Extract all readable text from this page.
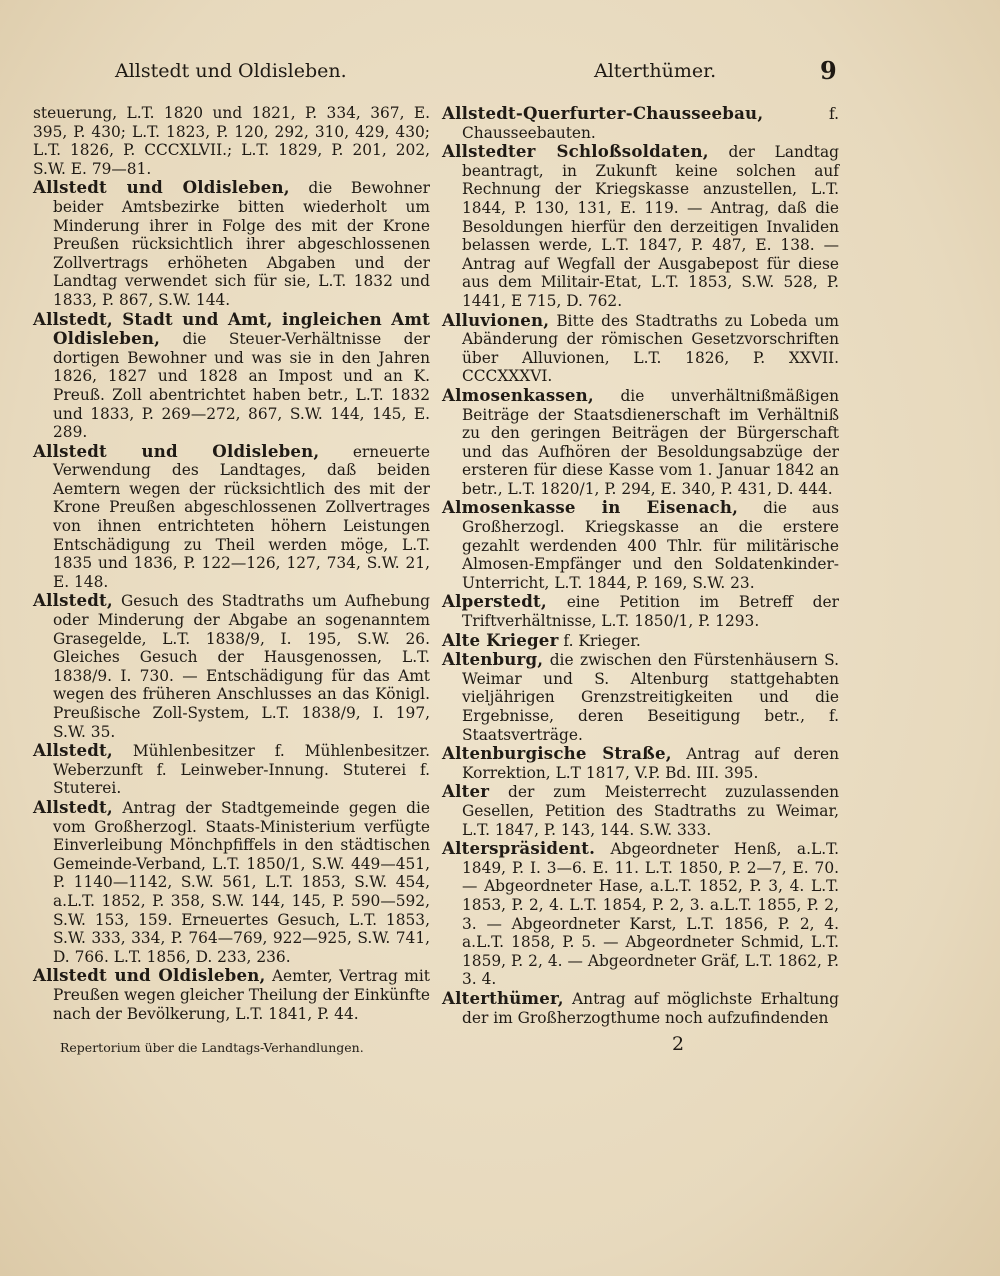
Allstedt und Oldisleben.	Alterthümer.	9

steuerung, L.T. 1820 und 1821, P. 334, 367, E. 395, P. 430; L.T. 1823, P. 120, 292, 310, 429, 430; L.T. 1826, P. CCCXLVII.; L.T. 1829, P. 201, 202, S.W. E. 79—81.

Allstedt und Oldisleben, die Bewohner beider Amtsbezirke bitten wiederholt um Minderung ihrer in Folge des mit der Krone Preußen rücksichtlich ihrer abgeschlossenen Zollvertrags erhöheten Abgaben und der Landtag verwendet sich für sie, L.T. 1832 und 1833, P. 867, S.W. 144.

Allstedt, Stadt und Amt, ingleichen Amt Oldisleben, die Steuer-Verhältnisse der dortigen Bewohner und was sie in den Jahren 1826, 1827 und 1828 an Impost und an K. Preuß. Zoll abentrichtet haben betr., L.T. 1832 und 1833, P. 269—272, 867, S.W. 144, 145, E. 289.

Allstedt und Oldisleben, erneuerte Verwendung des Landtages, daß beiden Aemtern wegen der rücksichtlich des mit der Krone Preußen abgeschlossenen Zollvertrages von ihnen entrichteten höhern Leistungen Entschädigung zu Theil werden möge, L.T. 1835 und 1836, P. 122—126, 127, 734, S.W. 21, E. 148.

Allstedt, Gesuch des Stadtraths um Aufhebung oder Minderung der Abgabe an sogenanntem Grasegelde, L.T. 1838/9, I. 195, S.W. 26. Gleiches Gesuch der Hausgenossen, L.T. 1838/9. I. 730. — Entschädigung für das Amt wegen des früheren Anschlusses an das Königl. Preußische Zoll-System, L.T. 1838/9, I. 197, S.W. 35.

Allstedt, Mühlenbesitzer f. Mühlenbesitzer. Weberzunft f. Leinweber-Innung. Stuterei f. Stuterei.

Allstedt, Antrag der Stadtgemeinde gegen die vom Großherzogl. Staats-Ministerium verfügte Einverleibung Mönchpfiffels in den städtischen Gemeinde-Verband, L.T. 1850/1, S.W. 449—451, P. 1140—1142, S.W. 561, L.T. 1853, S.W. 454, a.L.T. 1852, P. 358, S.W. 144, 145, P. 590—592, S.W. 153, 159. Erneuertes Gesuch, L.T. 1853, S.W. 333, 334, P. 764—769, 922—925, S.W. 741, D. 766. L.T. 1856, D. 233, 236.

Allstedt und Oldisleben, Aemter, Vertrag mit Preußen wegen gleicher Theilung der Einkünfte nach der Bevölkerung, L.T. 1841, P. 44.

Allstedt-Querfurter-Chausseebau,	f. Chausseebauten.

Allstedter Schloßsoldaten, der Landtag beantragt, in Zukunft keine solchen auf Rechnung der Kriegskasse anzustellen, L.T. 1844, P. 130, 131, E. 119. — Antrag, daß die Besoldungen hierfür den derzeitigen Invaliden belassen werde, L.T. 1847, P. 487, E. 138. — Antrag auf Wegfall der Ausgabepost für diese aus dem Militair-Etat, L.T. 1853, S.W. 528, P. 1441, E 715, D. 762.

Alluvionen, Bitte des Stadtraths zu Lobeda um Abänderung der römischen Gesetzvorschriften über Alluvionen, L.T. 1826, P. XXVII. CCCXXXVI.

Almosenkassen, die unverhältnißmäßigen Beiträge der Staatsdienerschaft im Verhältniß zu den geringen Beiträgen der Bürgerschaft und das Aufhören der Besoldungsabzüge der ersteren für diese Kasse vom 1. Januar 1842 an betr., L.T. 1820/1, P. 294, E. 340, P. 431, D. 444.

Almosenkasse in Eisenach, die aus Großherzogl. Kriegskasse an die erstere gezahlt werdenden 400 Thlr. für militärische Almosen-Empfänger und den Soldatenkinder-Unterricht, L.T. 1844, P. 169, S.W. 23.

Alperstedt, eine Petition im Betreff der Triftverhältnisse, L.T. 1850/1, P. 1293.

Alte Krieger f. Krieger.

Altenburg, die zwischen den Fürstenhäusern S. Weimar und S. Altenburg stattgehabten vieljährigen Grenzstreitigkeiten und die Ergebnisse, deren Beseitigung betr., f. Staatsverträge.

Altenburgische Straße, Antrag auf deren Korrektion, L.T 1817, V.P. Bd. III. 395.

Alter der zum Meisterrecht zuzulassenden Gesellen, Petition des Stadtraths zu Weimar, L.T. 1847, P. 143, 144. S.W. 333.

Alterspräsident. Abgeordneter Henß, a.L.T. 1849, P. I. 3—6. E. 11. L.T. 1850, P. 2—7, E. 70. — Abgeordneter Hase, a.L.T. 1852, P. 3, 4. L.T. 1853, P. 2, 4. L.T. 1854, P. 2, 3. a.L.T. 1855, P. 2, 3. — Abgeordneter Karst, L.T. 1856, P. 2, 4. a.L.T. 1858, P. 5. — Abgeordneter Schmid, L.T. 1859, P. 2, 4. — Abgeordneter Gräf, L.T. 1862, P. 3. 4.

Alterthümer, Antrag auf möglichste Erhaltung der im Großherzogthume noch aufzufindenden

Repertorium über die Landtags-Verhandlungen.	2
